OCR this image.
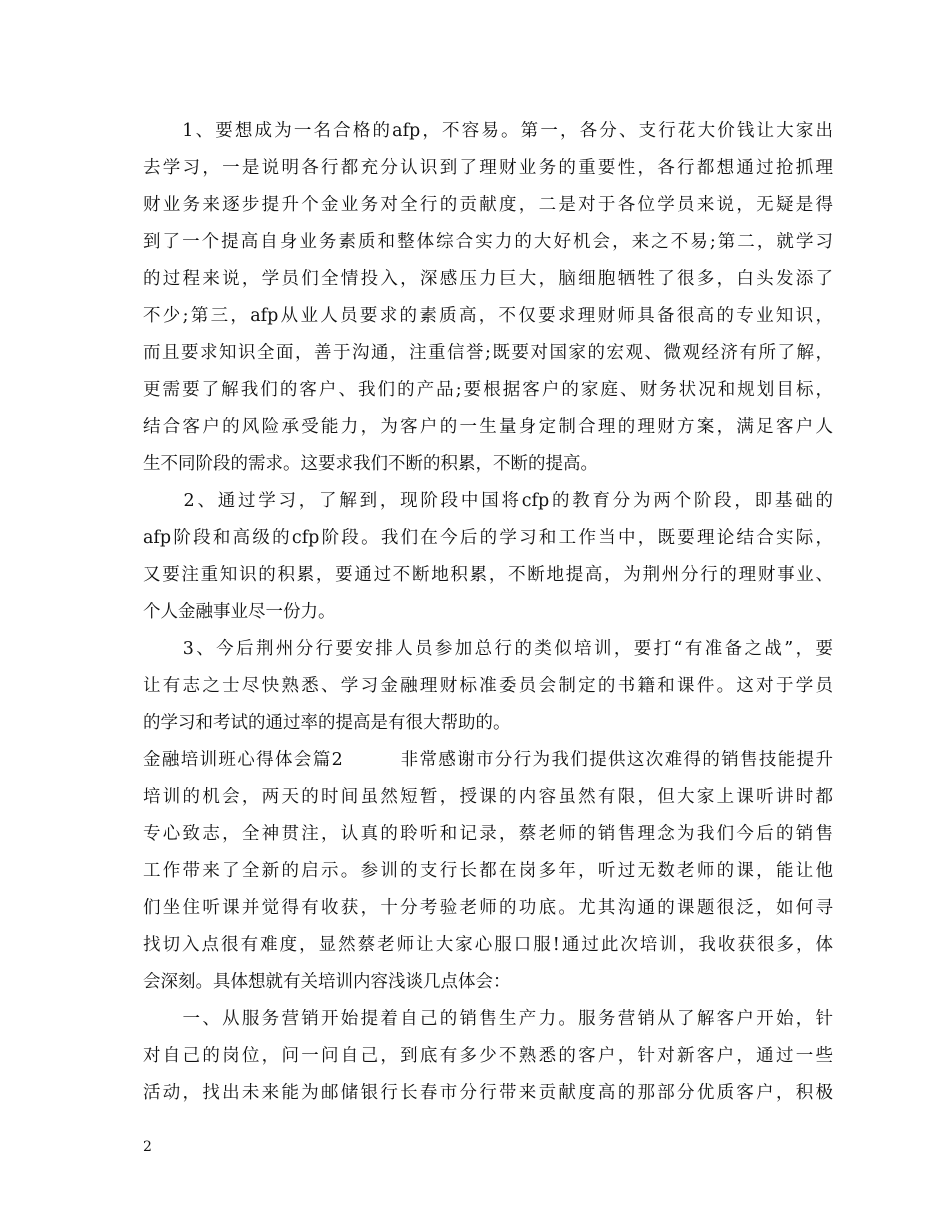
　　1、要想成为一名合格的afp，不容易。第一，各分、支行花大价钱让大家出
去学习，一是说明各行都充分认识到了理财业务的重要性，各行都想通过抢抓理
财业务来逐步提升个金业务对全行的贡献度，二是对于各位学员来说，无疑是得
到了一个提高自身业务素质和整体综合实力的大好机会，来之不易;第二，就学习
的过程来说，学员们全情投入，深感压力巨大，脑细胞牺牲了很多，白头发添了
不少;第三，afp从业人员要求的素质高，不仅要求理财师具备很高的专业知识，
而且要求知识全面，善于沟通，注重信誉;既要对国家的宏观、微观经济有所了解，
更需要了解我们的客户、我们的产品;要根据客户的家庭、财务状况和规划目标，
结合客户的风险承受能力，为客户的一生量身定制合理的理财方案，满足客户人
生不同阶段的需求。这要求我们不断的积累，不断的提高。
　　2、通过学习，了解到，现阶段中国将cfp的教育分为两个阶段，即基础的
afp阶段和高级的cfp阶段。我们在今后的学习和工作当中，既要理论结合实际，
又要注重知识的积累，要通过不断地积累，不断地提高，为荆州分行的理财事业、
个人金融事业尽一份力。
　　3、今后荆州分行要安排人员参加总行的类似培训，要打“有准备之战”，要
让有志之士尽快熟悉、学习金融理财标准委员会制定的书籍和课件。这对于学员
的学习和考试的通过率的提高是有很大帮助的。
金融培训班心得体会篇2　　　非常感谢市分行为我们提供这次难得的销售技能提升
培训的机会，两天的时间虽然短暂，授课的内容虽然有限，但大家上课听讲时都
专心致志，全神贯注，认真的聆听和记录，蔡老师的销售理念为我们今后的销售
工作带来了全新的启示。参训的支行长都在岗多年，听过无数老师的课，能让他
们坐住听课并觉得有收获，十分考验老师的功底。尤其沟通的课题很泛，如何寻
找切入点很有难度，显然蔡老师让大家心服口服!通过此次培训，我收获很多，体
会深刻。具体想就有关培训内容浅谈几点体会：
　　一、从服务营销开始提着自己的销售生产力。服务营销从了解客户开始，针
对自己的岗位，问一问自己，到底有多少不熟悉的客户，针对新客户，通过一些
活动，找出未来能为邮储银行长春市分行带来贡献度高的那部分优质客户，积极
2
